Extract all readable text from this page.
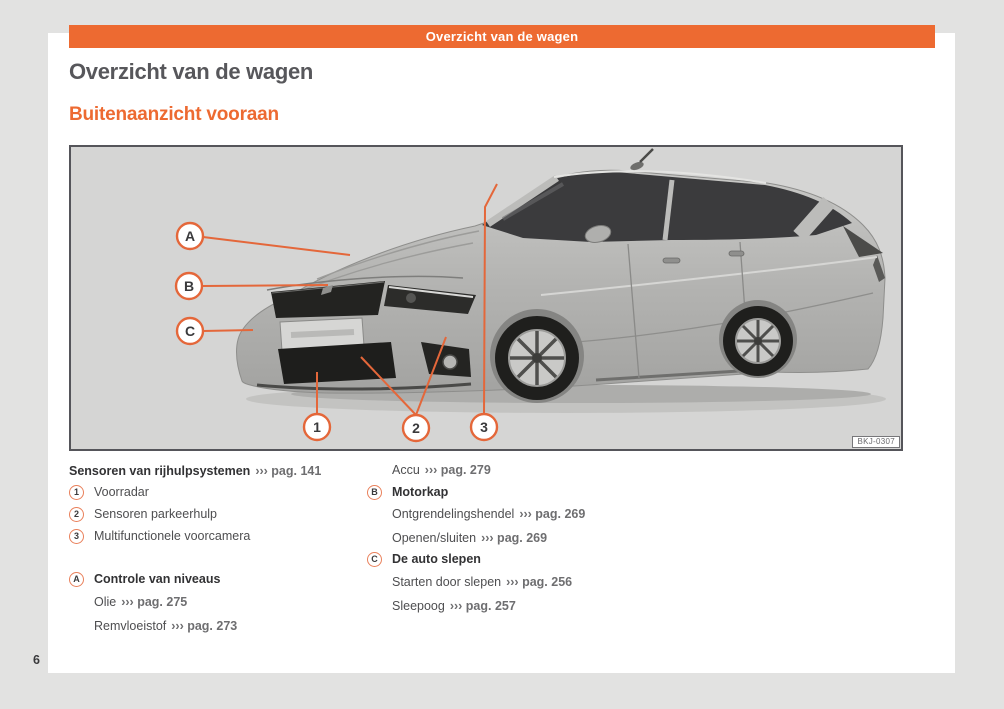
Overzicht van de wagen
Overzicht van de wagen
Buitenaanzicht vooraan
A
B
C
1	2	3
BKJ-0307
Sensoren van rijhulpsystemen ››› pag. 141
1	Voorradar
2	Sensoren parkeerhulp
3	Multifunctionele voorcamera
A	Controle van niveaus
Olie ››› pag. 275
Remvloeistof ››› pag. 273
Accu ››› pag. 279
B	Motorkap
Ontgrendelingshendel ››› pag. 269
Openen/sluiten ››› pag. 269
C	De auto slepen
Starten door slepen ››› pag. 256
Sleepoog ››› pag. 257
6
